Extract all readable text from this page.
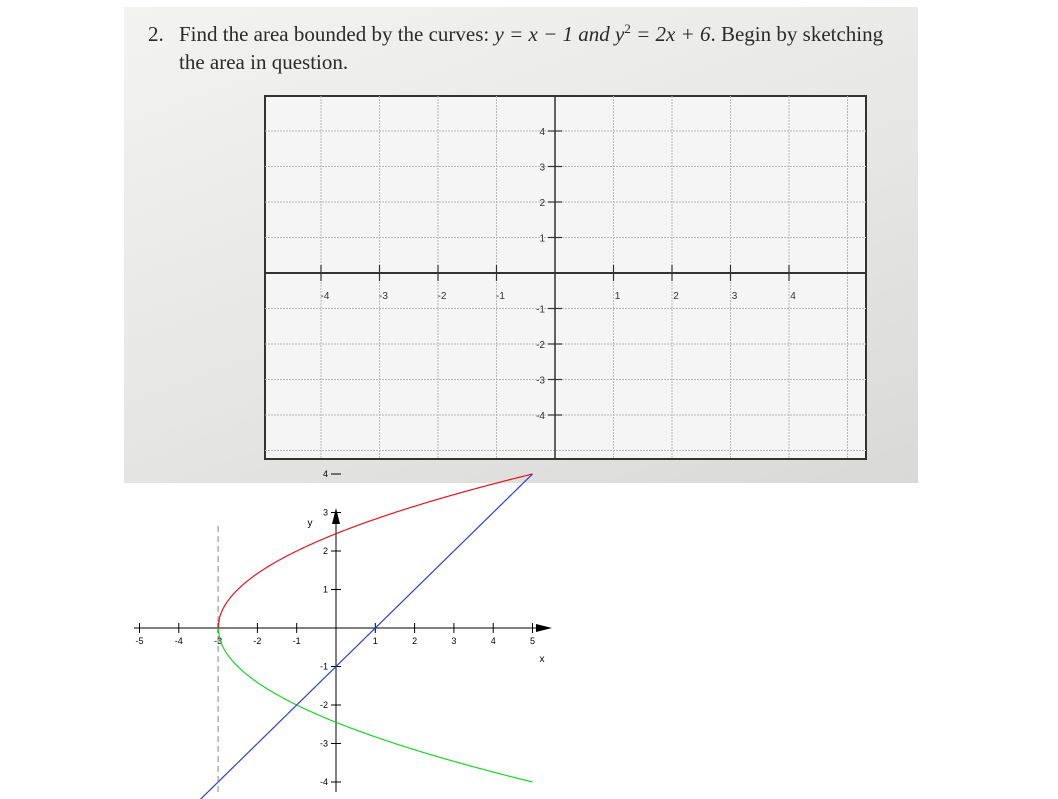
2. Find the area bounded by the curves: y = x − 1 and $y^2 = 2x + 6$. Begin by sketching
the area in question.
-4	-3	-2	-1	1	2	3	4
4
3
2
1
-1
-2
-3
-4
-5	-4	-3	-2	-1	1	2	3	4	5
4
3
2
1
-1
-2
-3
-4
x
y
